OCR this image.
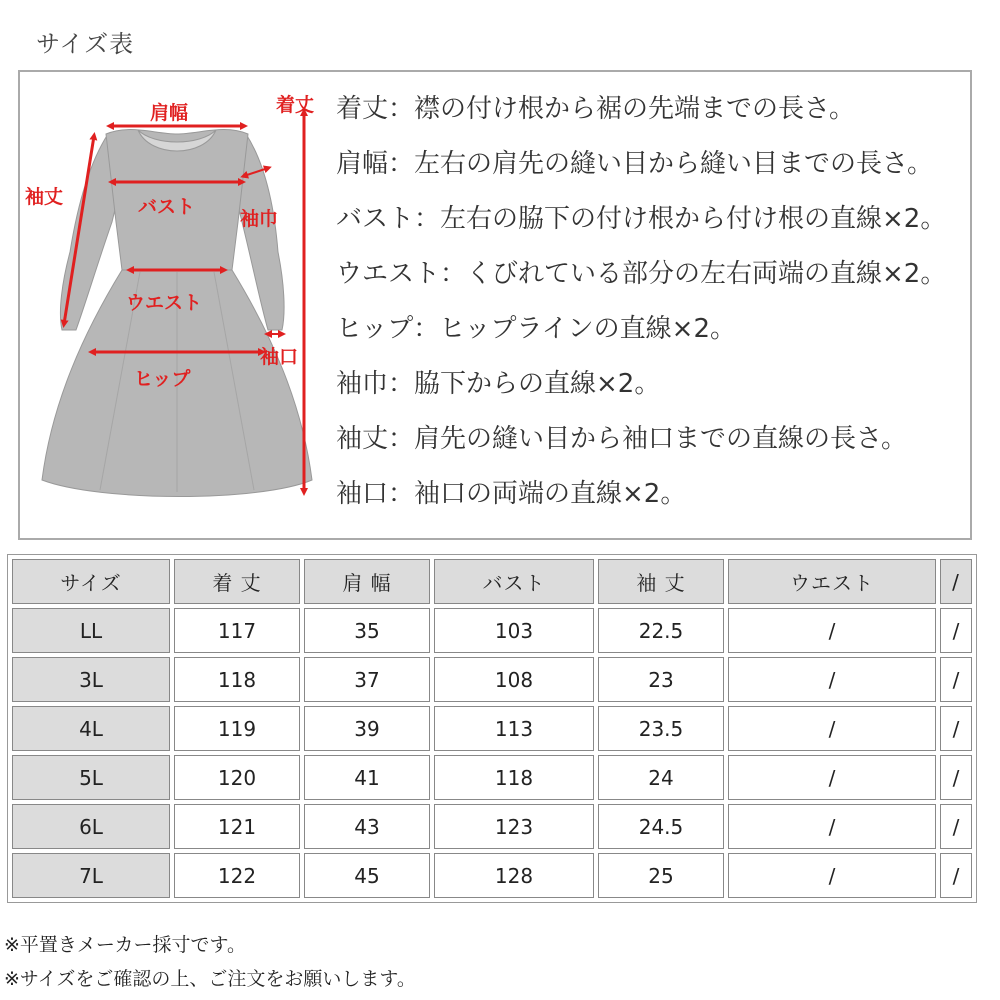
サイズ表
肩幅	着丈
袖丈	バスト
袖巾
ウエスト
袖口
ヒップ
着丈：襟の付け根から裾の先端までの長さ。
肩幅：左右の肩先の縫い目から縫い目までの長さ。
バスト：左右の脇下の付け根から付け根の直線×2。
ウエスト：くびれている部分の左右両端の直線×2。
ヒップ：ヒップラインの直線×2。
袖巾：脇下からの直線×2。
袖丈：肩先の縫い目から袖口までの直線の長さ。
袖口：袖口の両端の直線×2。
サイズ	着 丈	肩 幅	バスト	袖 丈	ウエスト	/
LL	117	35	103	22.5	/	/
3L	118	37	108	23	/	/
4L	119	39	113	23.5	/	/
5L	120	41	118	24	/	/
6L	121	43	123	24.5	/	/
7L	122	45	128	25	/	/
※平置きメーカー採寸です。
※サイズをご確認の上、ご注文をお願いします。
